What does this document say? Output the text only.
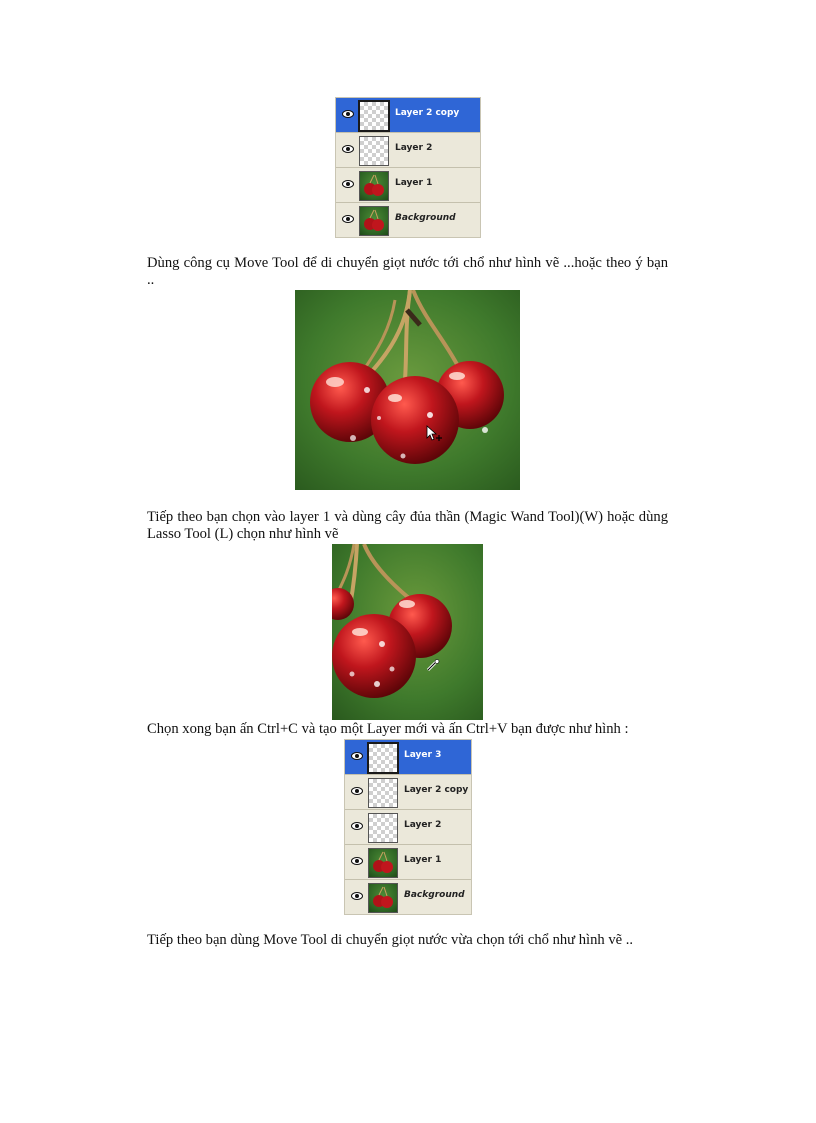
Layer 2 copy
Layer 2
Layer 1
Background
Dùng công cụ Move Tool để di chuyển giọt nước tới chổ như hình vẽ ...hoặc theo ý bạn ..
Tiếp theo bạn chọn vào layer 1 và dùng cây đủa thần (Magic Wand Tool)(W) hoặc dùng Lasso Tool (L) chọn như hình vẽ
Chọn xong bạn ấn Ctrl+C và tạo một Layer mới và ấn Ctrl+V bạn được như hình :
Layer 3
Layer 2 copy
Layer 2
Layer 1
Background
Tiếp theo bạn dùng Move Tool di chuyển giọt nước vừa chọn tới chổ như hình vẽ ..
